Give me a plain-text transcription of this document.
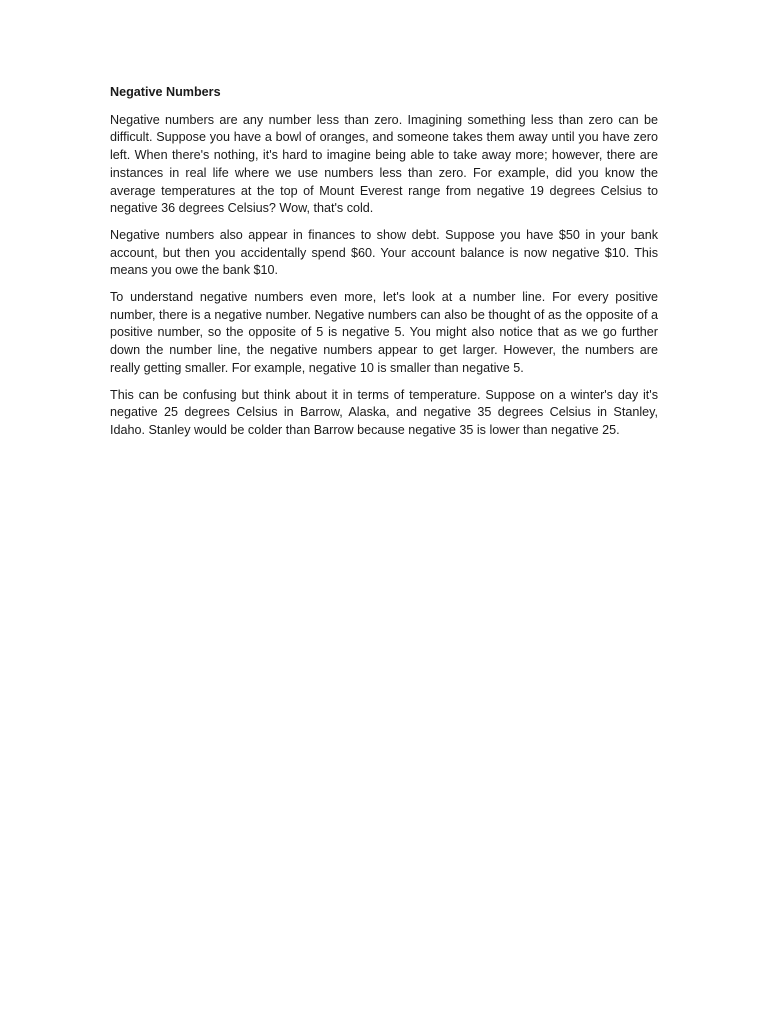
Negative Numbers

Negative numbers are any number less than zero. Imagining something less than zero can be difficult. Suppose you have a bowl of oranges, and someone takes them away until you have zero left. When there's nothing, it's hard to imagine being able to take away more; however, there are instances in real life where we use numbers less than zero. For example, did you know the average temperatures at the top of Mount Everest range from negative 19 degrees Celsius to negative 36 degrees Celsius? Wow, that's cold.

Negative numbers also appear in finances to show debt. Suppose you have $50 in your bank account, but then you accidentally spend $60. Your account balance is now negative $10. This means you owe the bank $10.

To understand negative numbers even more, let's look at a number line. For every positive number, there is a negative number. Negative numbers can also be thought of as the opposite of a positive number, so the opposite of 5 is negative 5. You might also notice that as we go further down the number line, the negative numbers appear to get larger. However, the numbers are really getting smaller. For example, negative 10 is smaller than negative 5.

This can be confusing but think about it in terms of temperature. Suppose on a winter's day it's negative 25 degrees Celsius in Barrow, Alaska, and negative 35 degrees Celsius in Stanley, Idaho. Stanley would be colder than Barrow because negative 35 is lower than negative 25.
